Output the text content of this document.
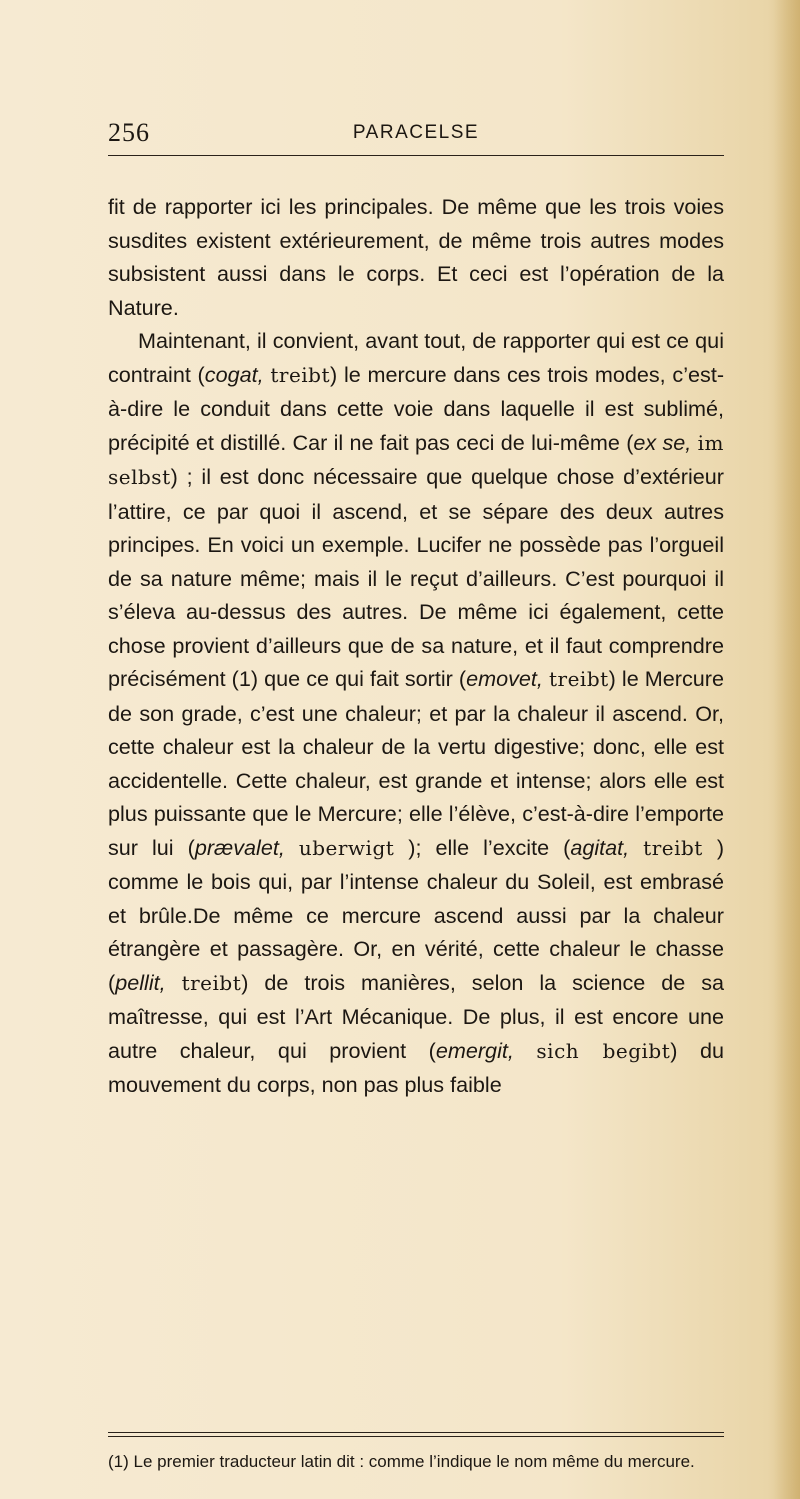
256	PARACELSE

fit de rapporter ici les principales. De même que les trois voies susdites existent extérieurement, de même trois autres modes subsistent aussi dans le corps. Et ceci est l’opération de la Nature.

Maintenant, il convient, avant tout, de rapporter qui est ce qui contraint (cogat, treibt) le mercure dans ces trois modes, c’est-à-dire le conduit dans cette voie dans laquelle il est sublimé, précipité et distillé. Car il ne fait pas ceci de lui-même (ex se, im selbst) ; il est donc nécessaire que quelque chose d’extérieur l’attire, ce par quoi il ascend, et se sépare des deux autres principes. En voici un exemple. Lucifer ne possède pas l’orgueil de sa nature même; mais il le reçut d’ailleurs. C’est pourquoi il s’éleva au-dessus des autres. De même ici également, cette chose provient d’ailleurs que de sa nature, et il faut comprendre précisément (1) que ce qui fait sortir (emovet, treibt) le Mercure de son grade, c’est une chaleur; et par la chaleur il ascend. Or, cette chaleur est la chaleur de la vertu digestive; donc, elle est accidentelle. Cette chaleur, est grande et intense; alors elle est plus puissante que le Mercure; elle l’élève, c’est-à-dire l’emporte sur lui (prævalet, uberwigt ); elle l’excite (agitat, treibt ) comme le bois qui, par l’intense chaleur du Soleil, est embrasé et brûle.De même ce mercure ascend aussi par la chaleur étrangère et passagère. Or, en vérité, cette chaleur le chasse (pellit, treibt) de trois manières, selon la science de sa maîtresse, qui est l’Art Mécanique. De plus, il est encore une autre chaleur, qui provient (emergit, sich begibt) du mouvement du corps, non pas plus faible

(1) Le premier traducteur latin dit : comme l’indique le nom même du mercure.
